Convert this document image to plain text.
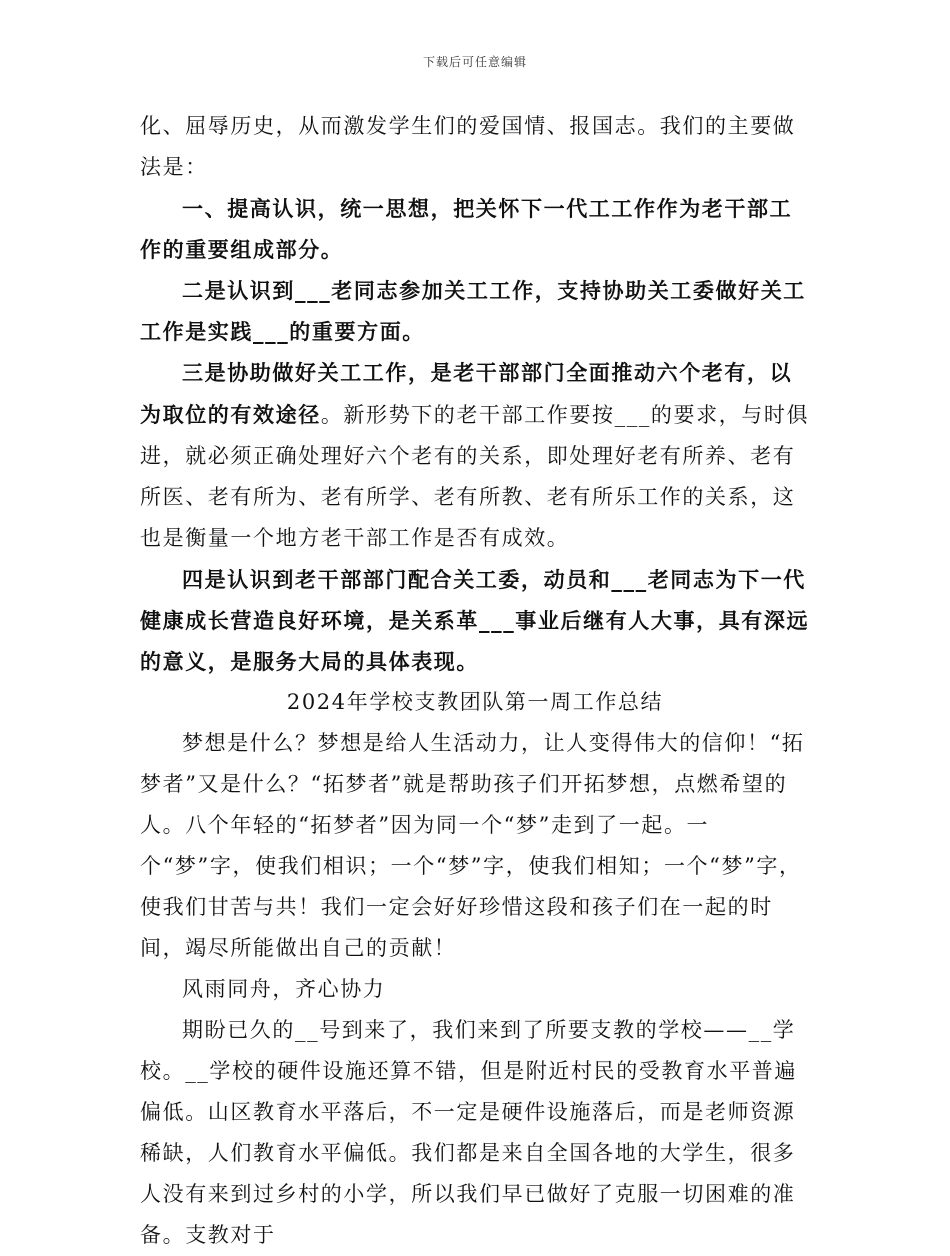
下载后可任意编辑

化、屈辱历史，从而激发学生们的爱国情、报国志。我们的主要做法是：

一、提高认识，统一思想，把关怀下一代工工作作为老干部工作的重要组成部分。

二是认识到___老同志参加关工工作，支持协助关工委做好关工工作是实践___的重要方面。

三是协助做好关工工作，是老干部部门全面推动六个老有，以为取位的有效途径。新形势下的老干部工作要按___的要求，与时俱进，就必须正确处理好六个老有的关系，即处理好老有所养、老有所医、老有所为、老有所学、老有所教、老有所乐工作的关系，这也是衡量一个地方老干部工作是否有成效。

四是认识到老干部部门配合关工委，动员和___老同志为下一代健康成长营造良好环境，是关系革___事业后继有人大事，具有深远的意义，是服务大局的具体表现。

2024年学校支教团队第一周工作总结

梦想是什么？梦想是给人生活动力，让人变得伟大的信仰！“拓梦者”又是什么？“拓梦者”就是帮助孩子们开拓梦想，点燃希望的人。八个年轻的“拓梦者”因为同一个“梦”走到了一起。一个“梦”字，使我们相识；一个“梦”字，使我们相知；一个“梦”字，使我们甘苦与共！我们一定会好好珍惜这段和孩子们在一起的时间，竭尽所能做出自己的贡献！

风雨同舟，齐心协力

期盼已久的__号到来了，我们来到了所要支教的学校——__学校。__学校的硬件设施还算不错，但是附近村民的受教育水平普遍偏低。山区教育水平落后，不一定是硬件设施落后，而是老师资源稀缺，人们教育水平偏低。我们都是来自全国各地的大学生，很多人没有来到过乡村的小学，所以我们早已做好了克服一切困难的准备。支教对于
